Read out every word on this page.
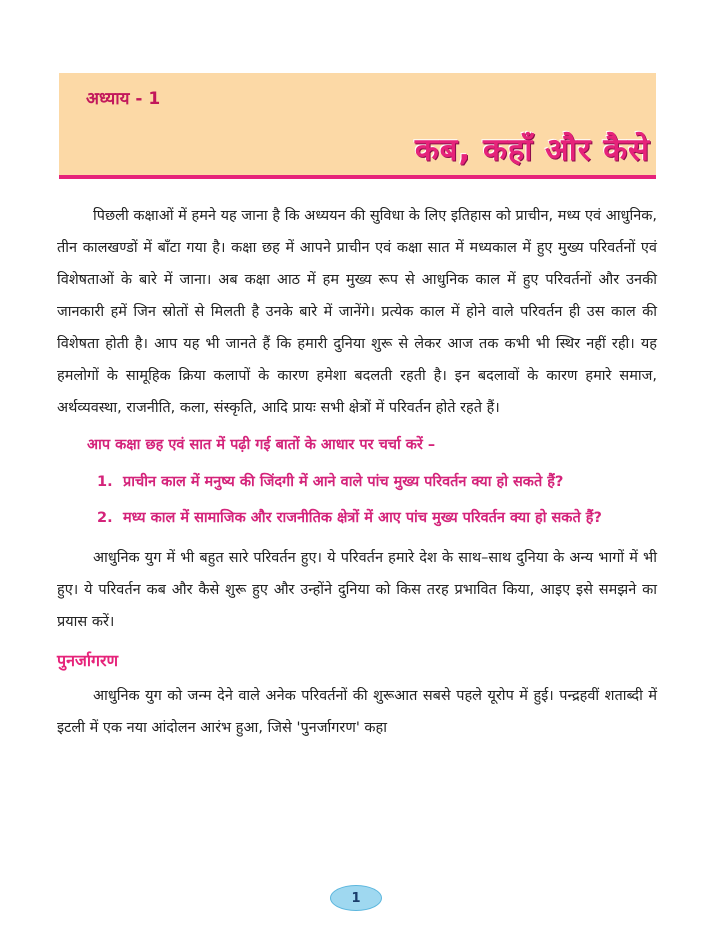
अध्याय - 1
कब, कहाँ और कैसे

पिछली कक्षाओं में हमने यह जाना है कि अध्ययन की सुविधा के लिए इतिहास को प्राचीन, मध्य एवं आधुनिक, तीन कालखण्डों में बाँटा गया है। कक्षा छह में आपने प्राचीन एवं कक्षा सात में मध्यकाल में हुए मुख्य परिवर्तनों एवं विशेषताओं के बारे में जाना। अब कक्षा आठ में हम मुख्य रूप से आधुनिक काल में हुए परिवर्तनों और उनकी जानकारी हमें जिन स्रोतों से मिलती है उनके बारे में जानेंगे। प्रत्येक काल में होने वाले परिवर्तन ही उस काल की विशेषता होती है। आप यह भी जानते हैं कि हमारी दुनिया शुरू से लेकर आज तक कभी भी स्थिर नहीं रही। यह हमलोगों के सामूहिक क्रिया कलापों के कारण हमेशा बदलती रहती है। इन बदलावों के कारण हमारे समाज, अर्थव्यवस्था, राजनीति, कला, संस्कृति, आदि प्रायः सभी क्षेत्रों में परिवर्तन होते रहते हैं।

आप कक्षा छह एवं सात में पढ़ी गई बातों के आधार पर चर्चा करें –
1. प्राचीन काल में मनुष्य की जिंदगी में आने वाले पांच मुख्य परिवर्तन क्या हो सकते हैं?
2. मध्य काल में सामाजिक और राजनीतिक क्षेत्रों में आए पांच मुख्य परिवर्तन क्या हो सकते हैं?

आधुनिक युग में भी बहुत सारे परिवर्तन हुए। ये परिवर्तन हमारे देश के साथ–साथ दुनिया के अन्य भागों में भी हुए। ये परिवर्तन कब और कैसे शुरू हुए और उन्होंने दुनिया को किस तरह प्रभावित किया, आइए इसे समझने का प्रयास करें।

पुनर्जागरण

आधुनिक युग को जन्म देने वाले अनेक परिवर्तनों की शुरूआत सबसे पहले यूरोप में हुई। पन्द्रहवीं शताब्दी में इटली में एक नया आंदोलन आरंभ हुआ, जिसे 'पुनर्जागरण' कहा

1
